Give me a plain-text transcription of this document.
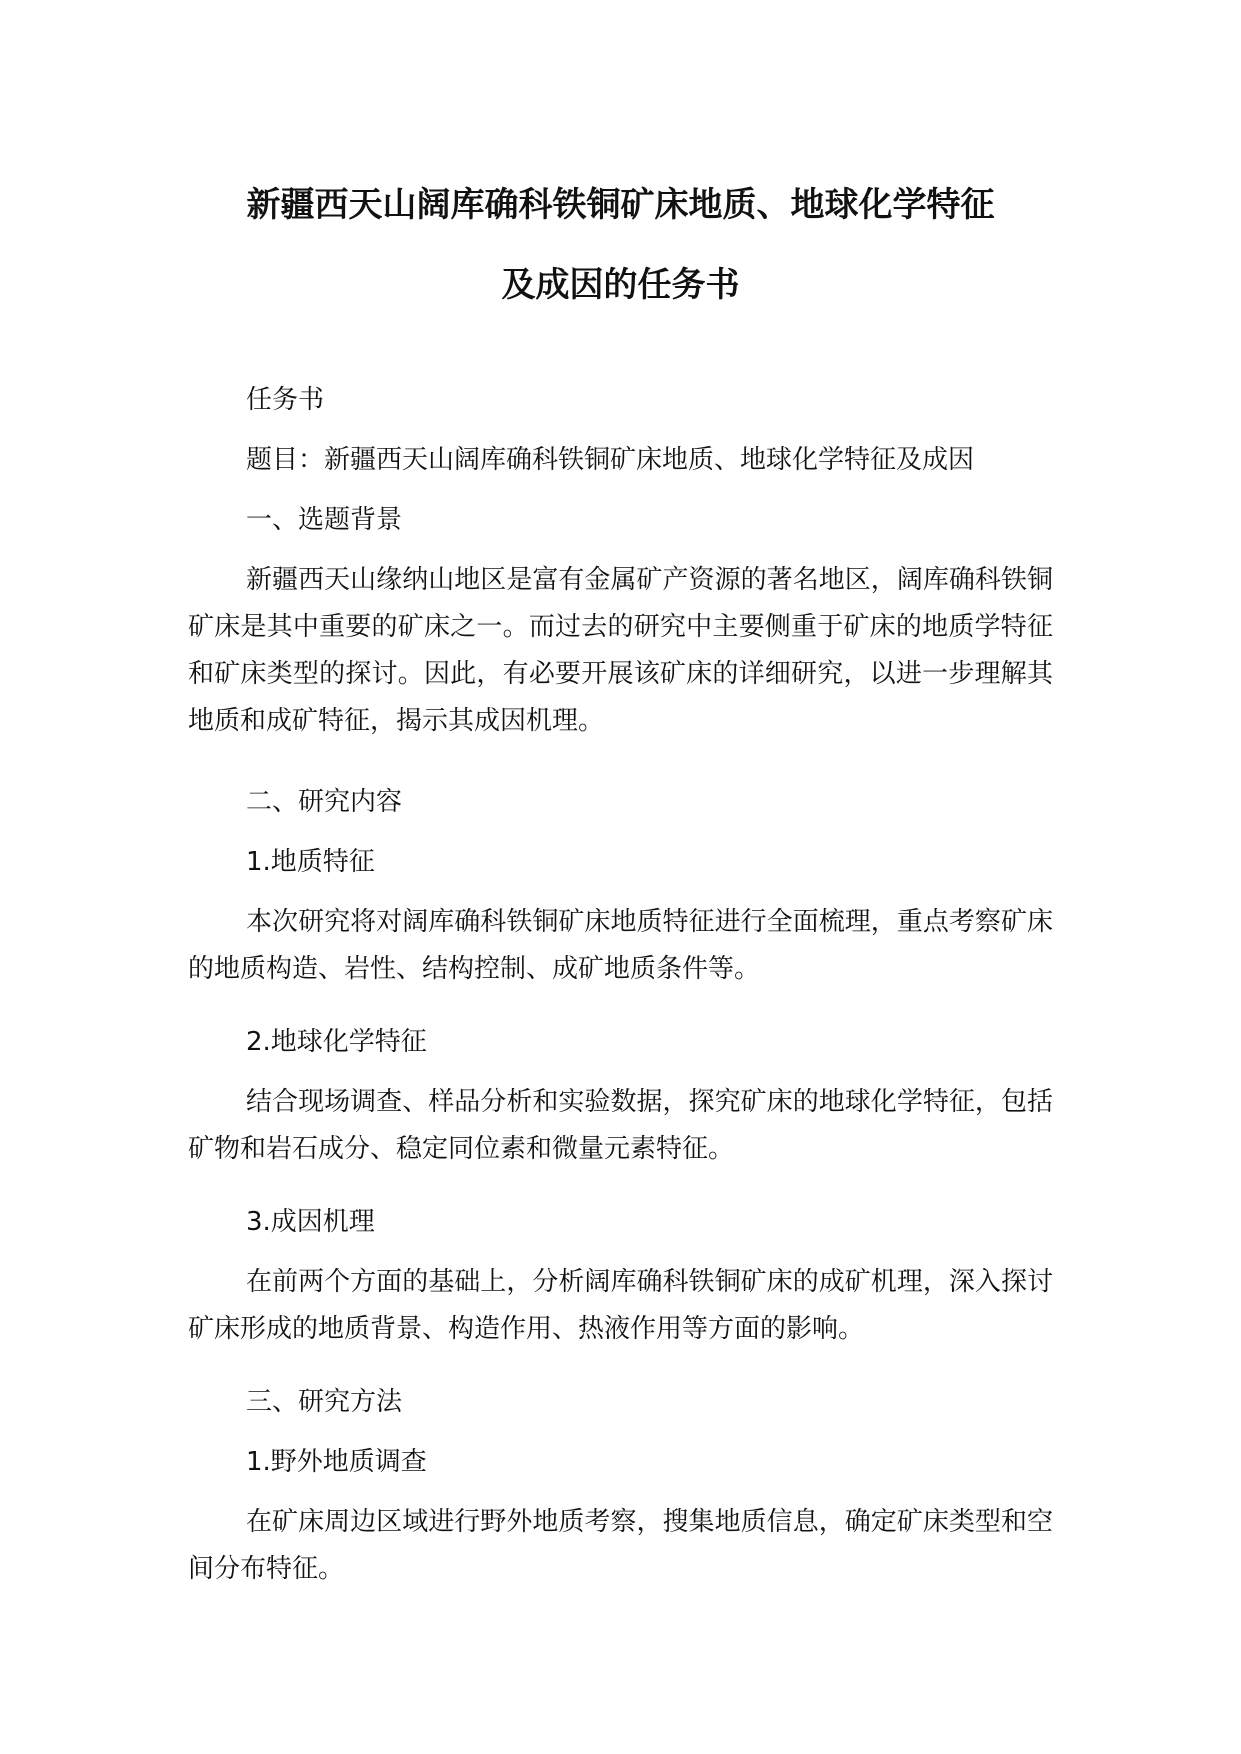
新疆西天山阔库确科铁铜矿床地质、地球化学特征
及成因的任务书

任务书

题目：新疆西天山阔库确科铁铜矿床地质、地球化学特征及成因

一、选题背景

新疆西天山缘纳山地区是富有金属矿产资源的著名地区，阔库确科铁铜矿床是其中重要的矿床之一。而过去的研究中主要侧重于矿床的地质学特征和矿床类型的探讨。因此，有必要开展该矿床的详细研究，以进一步理解其地质和成矿特征，揭示其成因机理。

二、研究内容

1.地质特征

本次研究将对阔库确科铁铜矿床地质特征进行全面梳理，重点考察矿床的地质构造、岩性、结构控制、成矿地质条件等。

2.地球化学特征

结合现场调查、样品分析和实验数据，探究矿床的地球化学特征，包括矿物和岩石成分、稳定同位素和微量元素特征。

3.成因机理

在前两个方面的基础上，分析阔库确科铁铜矿床的成矿机理，深入探讨矿床形成的地质背景、构造作用、热液作用等方面的影响。

三、研究方法

1.野外地质调查

在矿床周边区域进行野外地质考察，搜集地质信息，确定矿床类型和空间分布特征。
